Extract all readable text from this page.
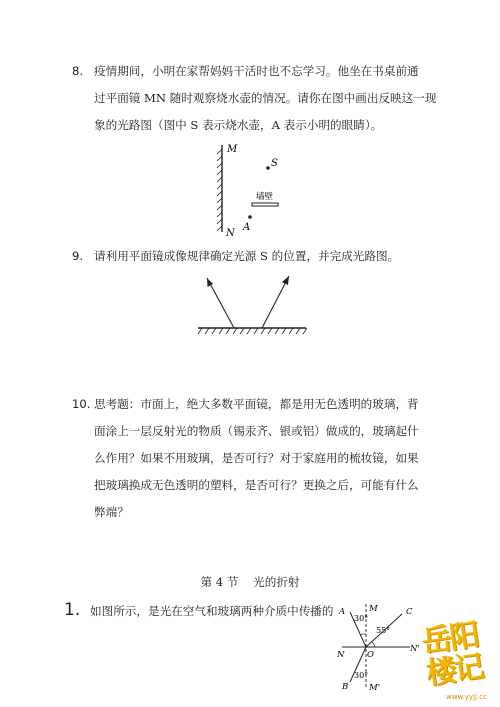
8. 疫情期间，小明在家帮妈妈干活时也不忘学习。他坐在书桌前通
过平面镜 MN 随时观察烧水壶的情况。请你在图中画出反映这一现
象的光路图（图中 S 表示烧水壶，A 表示小明的眼睛）。
M
N
S
A
墙壁
9. 请利用平面镜成像规律确定光源 S 的位置，并完成光路图。
10. 思考题：市面上，绝大多数平面镜，都是用无色透明的玻璃，背
面涂上一层反射光的物质（锡汞齐、银或铝）做成的，玻璃起什
么作用？如果不用玻璃，是否可行？对于家庭用的梳妆镜，如果
把玻璃换成无色透明的塑料，是否可行？更换之后，可能有什么
弊端？
第 4 节    光的折射
1. 如图所示，是光在空气和玻璃两种介质中传播的 A	C
B
M
M'
N
N'
O
30°
55°
30°
岳阳楼记
www.yyjj.cc
